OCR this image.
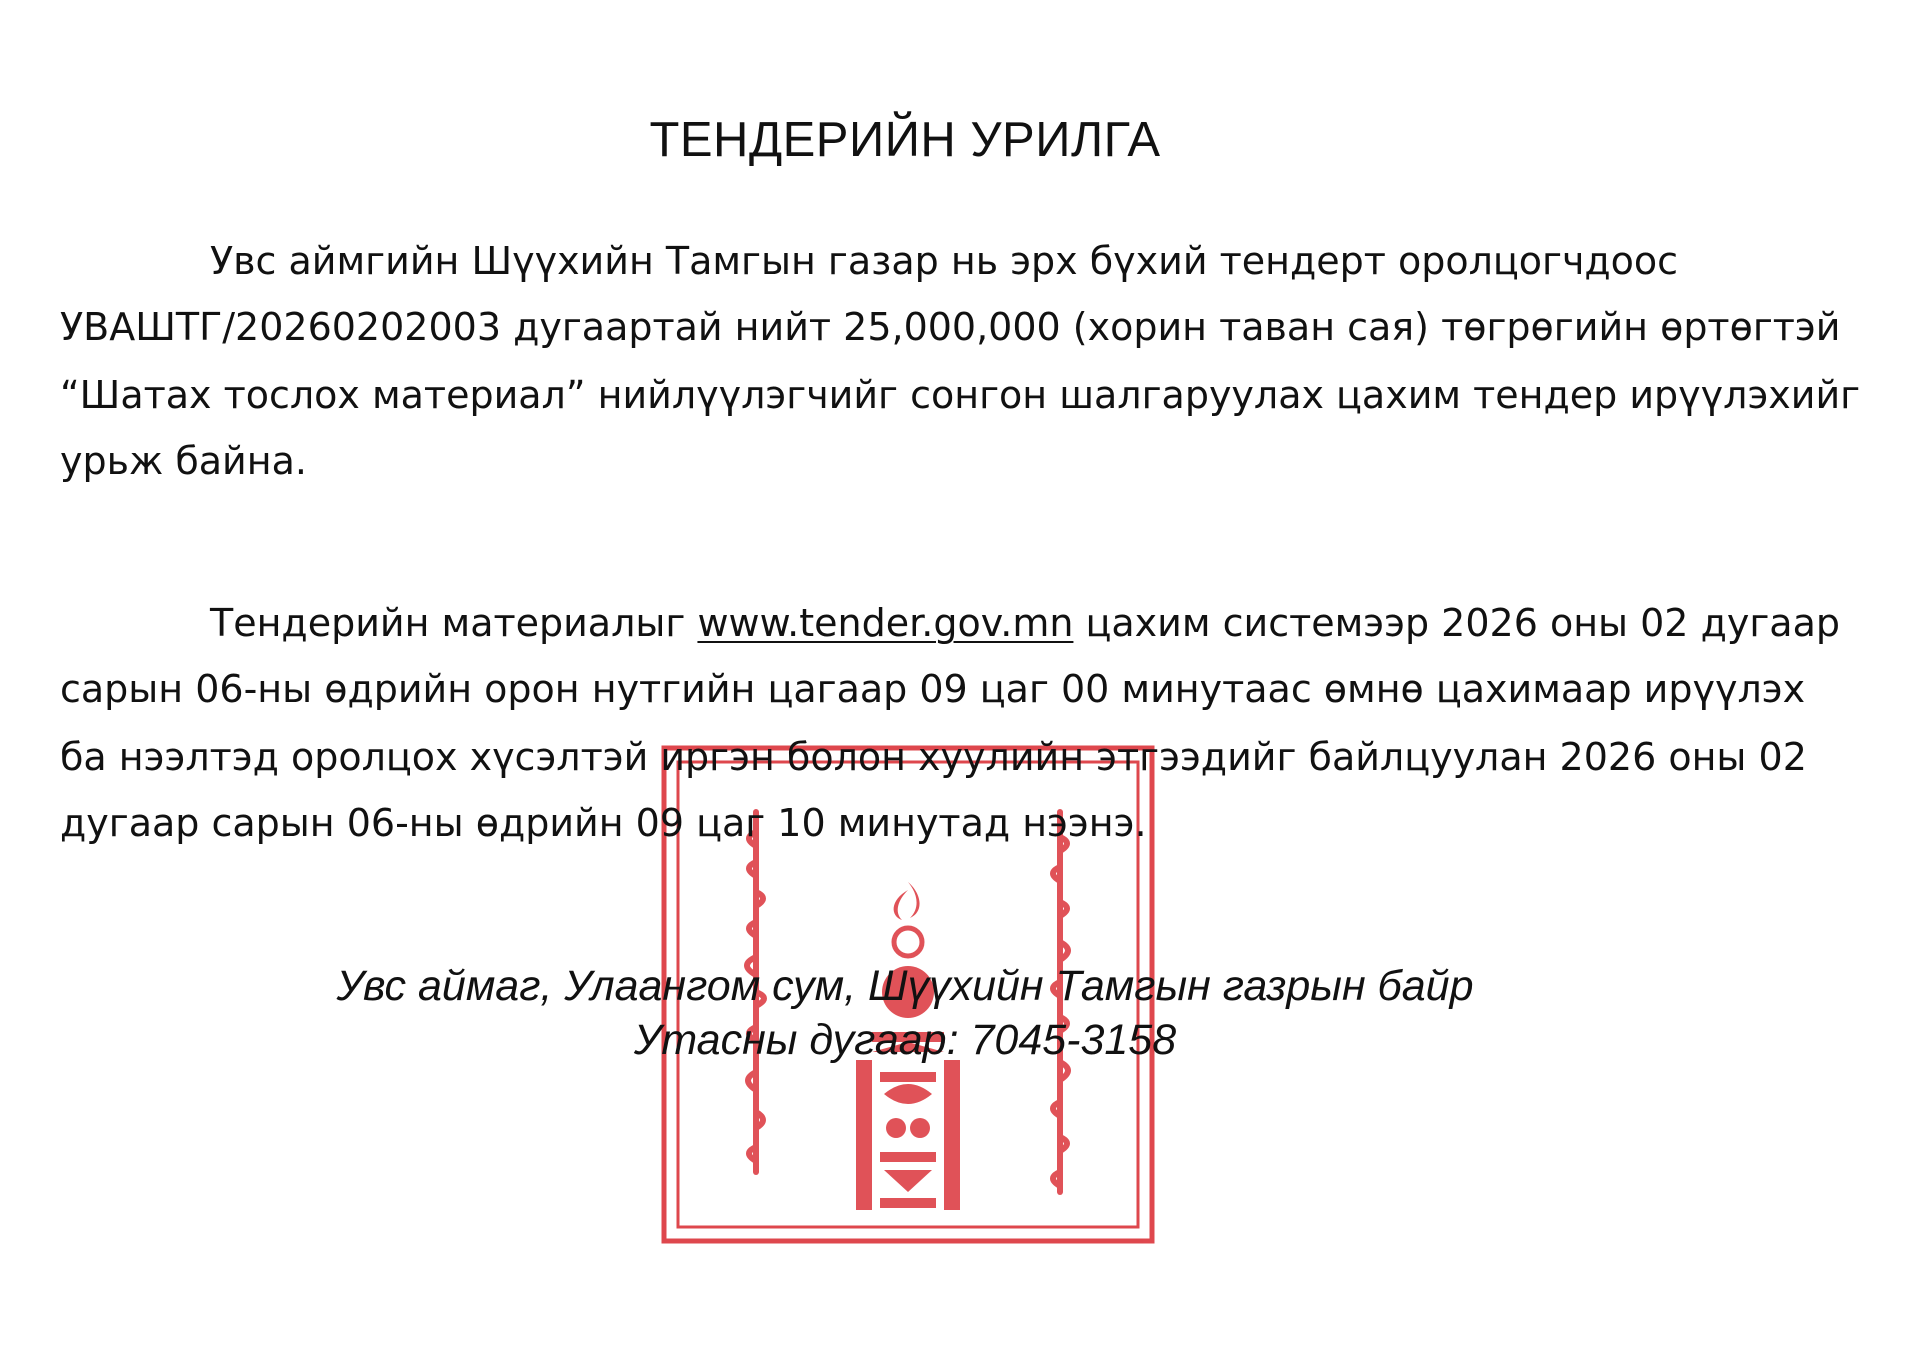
ТЕНДЕРИЙН УРИЛГА
Увс аймгийн Шүүхийн Тамгын газар нь эрх бүхий тендерт оролцогчдоос
УВАШТГ/20260202003 дугаартай нийт 25,000,000 (хорин таван сая) төгрөгийн өртөгтэй
“Шатах тослох материал” нийлүүлэгчийг сонгон шалгаруулах цахим тендер ирүүлэхийг
урьж байна.
Тендерийн материалыг www.tender.gov.mn цахим системээр 2026 оны 02 дугаар
сарын 06-ны өдрийн орон нутгийн цагаар 09 цаг 00 минутаас өмнө цахимаар ирүүлэх
ба нээлтэд оролцох хүсэлтэй иргэн болон хуулийн этгээдийг байлцуулан 2026 оны 02
дугаар сарын 06-ны өдрийн 09 цаг 10 минутад нээнэ.
Увс аймаг, Улаангом сум, Шүүхийн Тамгын газрын байр
Утасны дугаар: 7045-3158
